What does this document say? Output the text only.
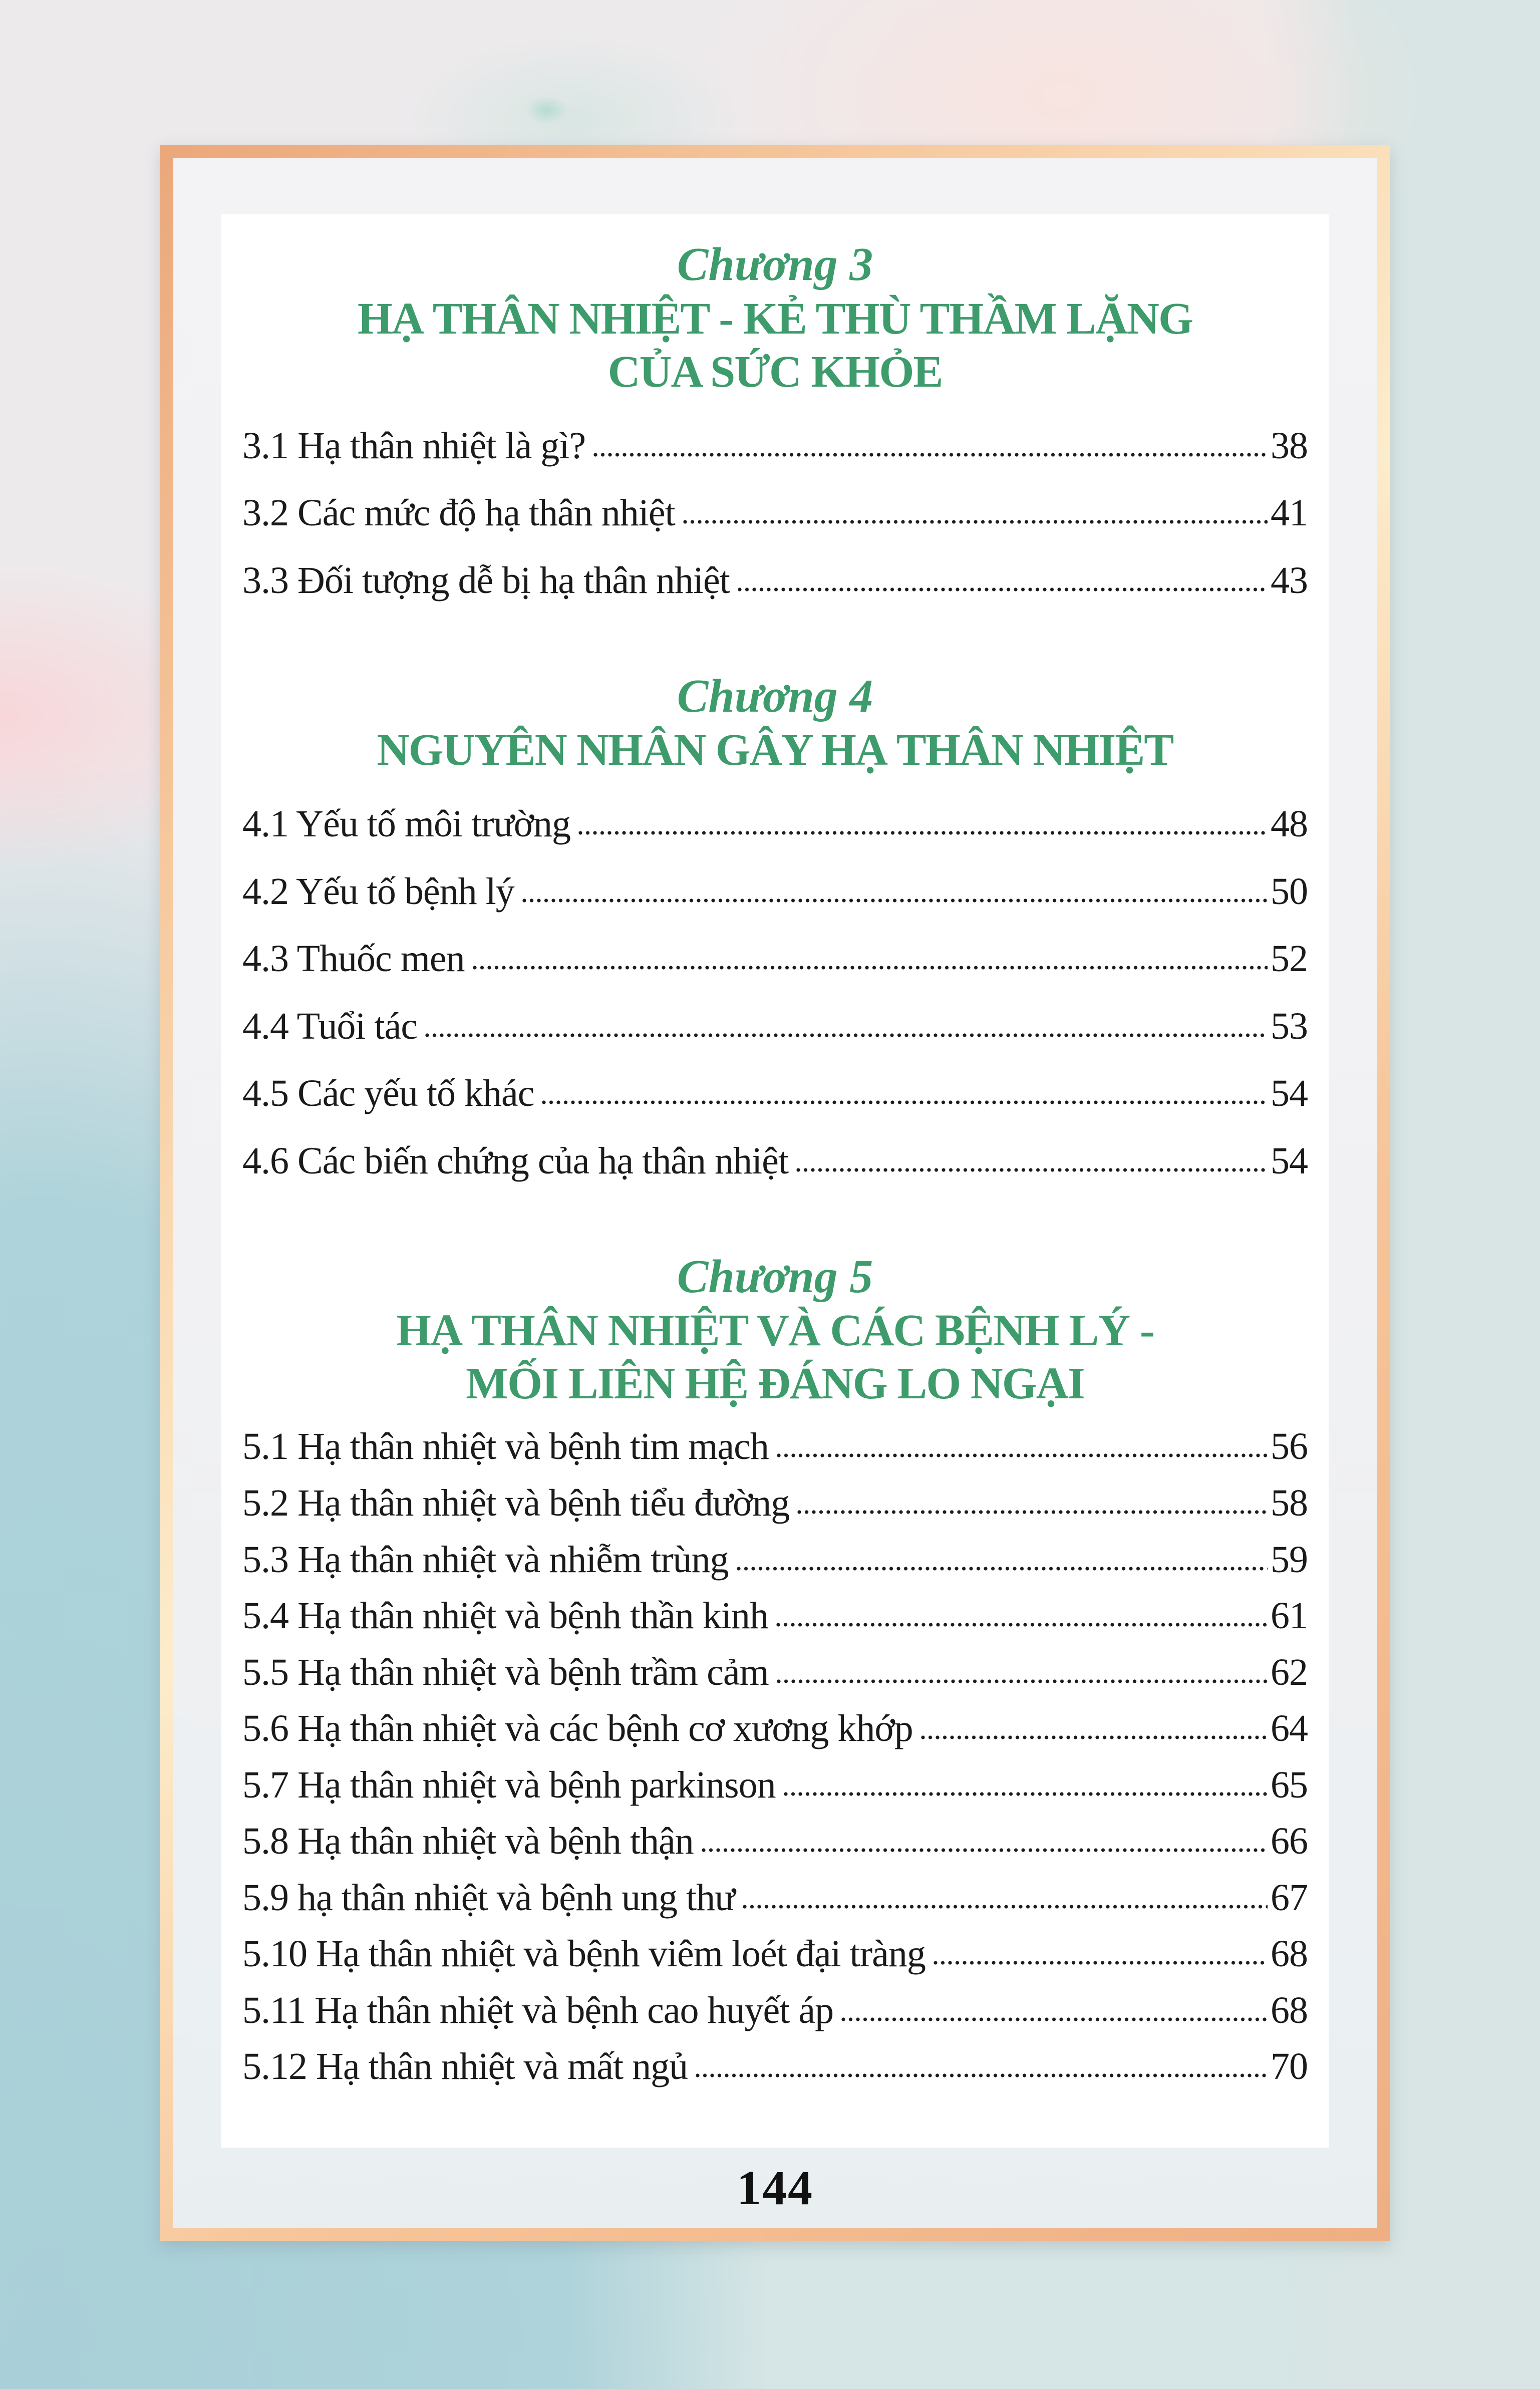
Chương 3
HẠ THÂN NHIỆT - KẺ THÙ THẦM LẶNG
CỦA SỨC KHỎE
3.1 Hạ thân nhiệt là gì?	38
3.2 Các mức độ hạ thân nhiệt	41
3.3 Đối tượng dễ bị hạ thân nhiệt	43
Chương 4
NGUYÊN NHÂN GÂY HẠ THÂN NHIỆT
4.1 Yếu tố môi trường	48
4.2 Yếu tố bệnh lý	50
4.3 Thuốc men	52
4.4 Tuổi tác	53
4.5 Các yếu tố khác	54
4.6 Các biến chứng của hạ thân nhiệt	54
Chương 5
HẠ THÂN NHIỆT VÀ CÁC BỆNH LÝ -
MỐI LIÊN HỆ ĐÁNG LO NGẠI
5.1 Hạ thân nhiệt và bệnh tim mạch	56
5.2 Hạ thân nhiệt và bệnh tiểu đường	58
5.3 Hạ thân nhiệt và nhiễm trùng	59
5.4 Hạ thân nhiệt và bệnh thần kinh	61
5.5 Hạ thân nhiệt và bệnh trầm cảm	62
5.6 Hạ thân nhiệt và các bệnh cơ xương khớp	64
5.7 Hạ thân nhiệt và bệnh parkinson	65
5.8 Hạ thân nhiệt và bệnh thận	66
5.9 hạ thân nhiệt và bệnh ung thư	67
5.10 Hạ thân nhiệt và bệnh viêm loét đại tràng	68
5.11 Hạ thân nhiệt và bệnh cao huyết áp	68
5.12 Hạ thân nhiệt và mất ngủ	70
144
